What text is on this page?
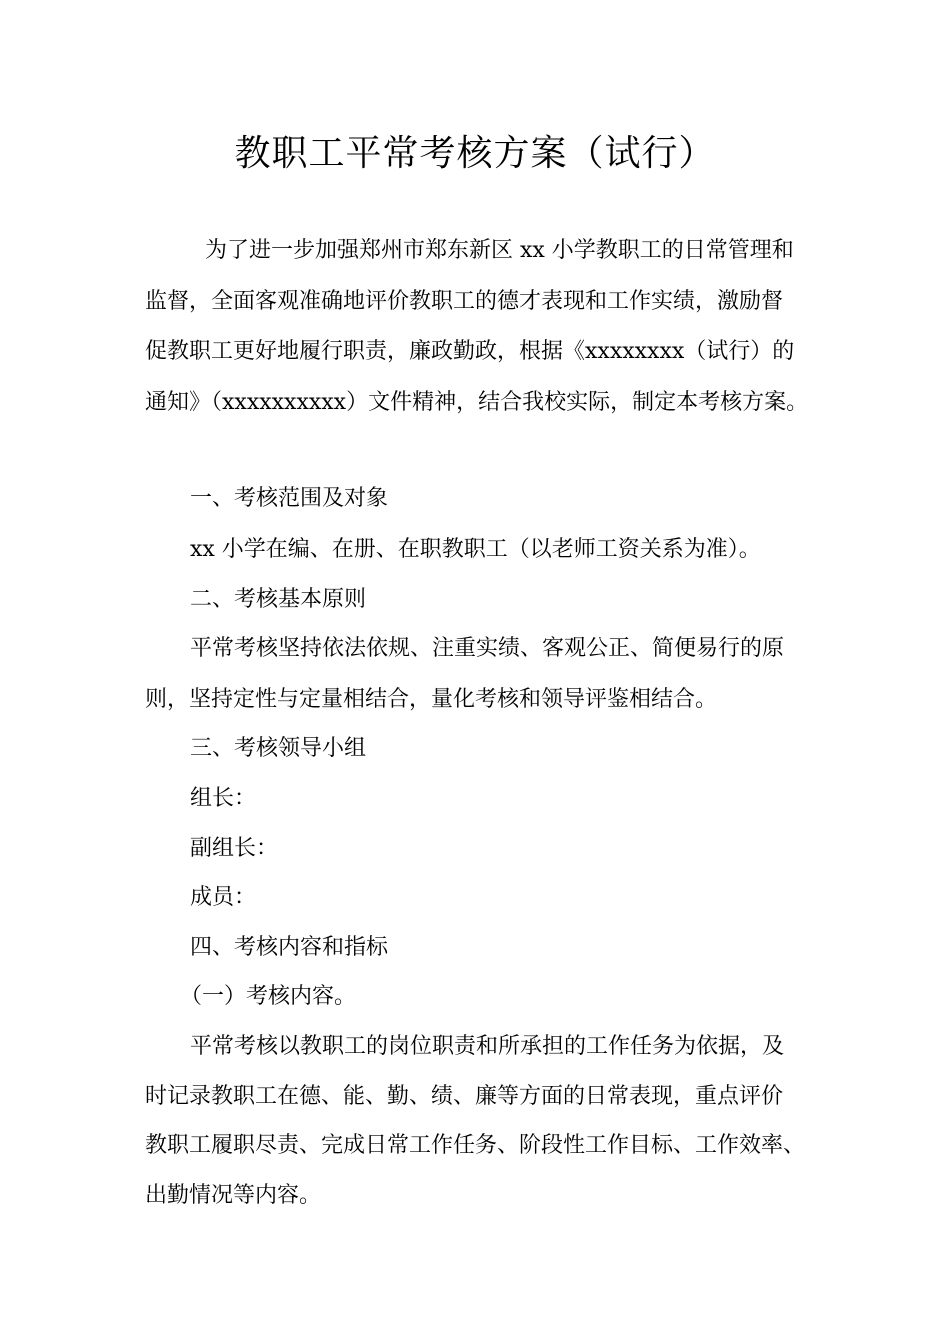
教职工平常考核方案（试行）
为了进一步加强郑州市郑东新区 xx 小学教职工的日常管理和
监督，全面客观准确地评价教职工的德才表现和工作实绩，激励督
促教职工更好地履行职责，廉政勤政，根据《xxxxxxxx（试行）的
通知》（xxxxxxxxxx）文件精神，结合我校实际，制定本考核方案。
一、考核范围及对象
xx 小学在编、在册、在职教职工（以老师工资关系为准）。
二、考核基本原则
平常考核坚持依法依规、注重实绩、客观公正、简便易行的原
则，坚持定性与定量相结合，量化考核和领导评鉴相结合。
三、考核领导小组
组长：
副组长：
成员：
四、考核内容和指标
（一）考核内容。
平常考核以教职工的岗位职责和所承担的工作任务为依据，及
时记录教职工在德、能、勤、绩、廉等方面的日常表现，重点评价
教职工履职尽责、完成日常工作任务、阶段性工作目标、工作效率、
出勤情况等内容。
